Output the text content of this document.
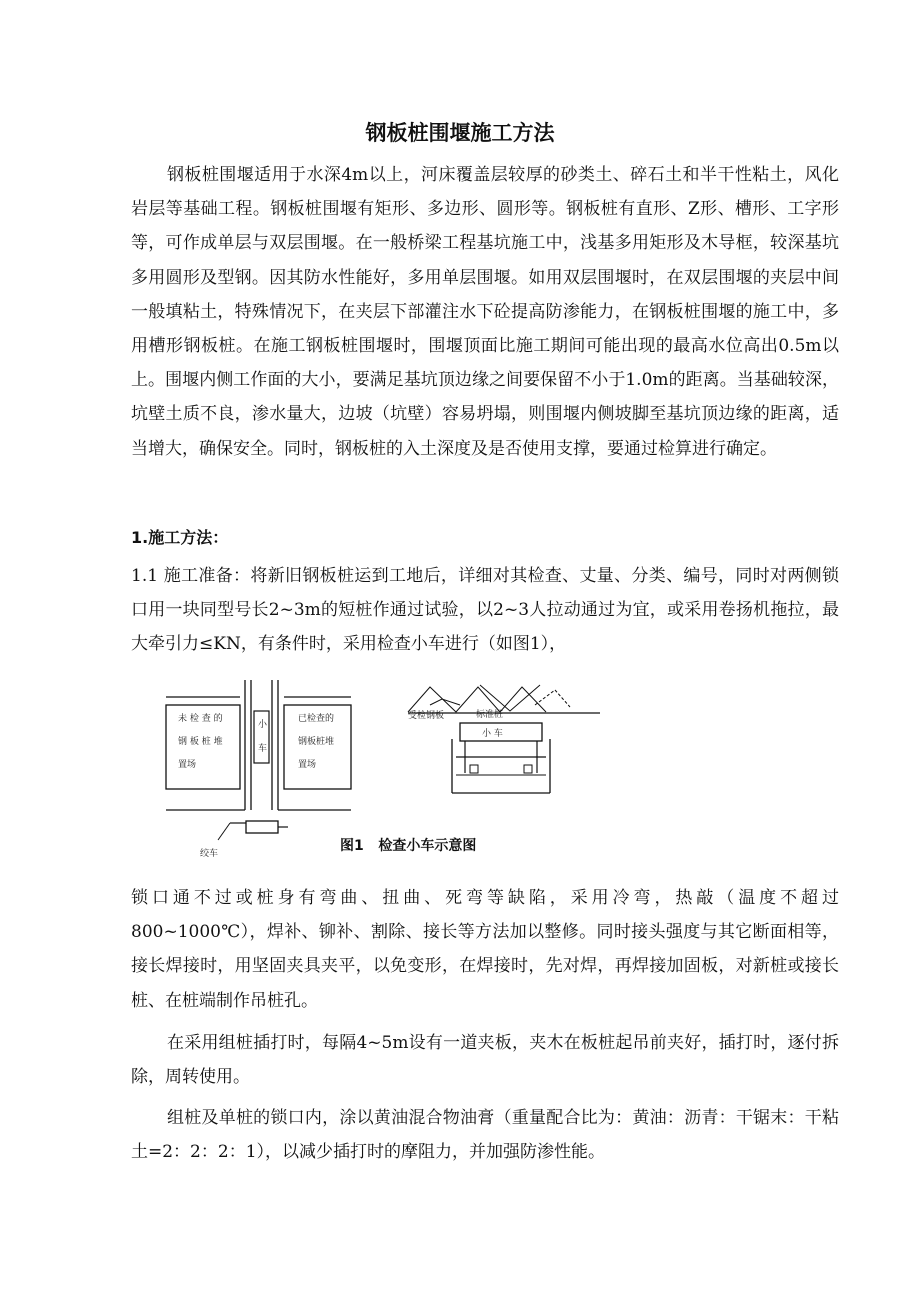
钢板桩围堰施工方法

钢板桩围堰适用于水深4m以上，河床覆盖层较厚的砂类土、碎石土和半干性粘土，风化岩层等基础工程。钢板桩围堰有矩形、多边形、圆形等。钢板桩有直形、Z形、槽形、工字形等，可作成单层与双层围堰。在一般桥梁工程基坑施工中，浅基多用矩形及木导框，较深基坑多用圆形及型钢。因其防水性能好，多用单层围堰。如用双层围堰时，在双层围堰的夹层中间一般填粘土，特殊情况下，在夹层下部灌注水下砼提高防渗能力，在钢板桩围堰的施工中，多用槽形钢板桩。在施工钢板桩围堰时，围堰顶面比施工期间可能出现的最高水位高出0.5m以上。围堰内侧工作面的大小，要满足基坑顶边缘之间要保留不小于1.0m的距离。当基础较深，坑壁土质不良，渗水量大，边坡（坑壁）容易坍塌，则围堰内侧坡脚至基坑顶边缘的距离，适当增大，确保安全。同时，钢板桩的入土深度及是否使用支撑，要通过检算进行确定。

1.施工方法：

1.1 施工准备：将新旧钢板桩运到工地后，详细对其检查、丈量、分类、编号，同时对两侧锁口用一块同型号长2~3m的短桩作通过试验，以2~3人拉动通过为宜，或采用卷扬机拖拉，最大牵引力≤KN，有条件时，采用检查小车进行（如图1），

未 检 查 的
钢 板 桩 堆
置场
已检查的
钢板桩堆
置场
小
车
绞车
受检钢板	标准桩
小 车
图1   检查小车示意图

锁口通不过或桩身有弯曲、扭曲、死弯等缺陷，采用冷弯，热敲（温度不超过800~1000℃），焊补、铆补、割除、接长等方法加以整修。同时接头强度与其它断面相等，接长焊接时，用坚固夹具夹平，以免变形，在焊接时，先对焊，再焊接加固板，对新桩或接长桩、在桩端制作吊桩孔。

在采用组桩插打时，每隔4~5m设有一道夹板，夹木在板桩起吊前夹好，插打时，逐付拆除，周转使用。

组桩及单桩的锁口内，涂以黄油混合物油膏（重量配合比为：黄油：沥青：干锯末：干粘土=2：2：2：1），以减少插打时的摩阻力，并加强防渗性能。
